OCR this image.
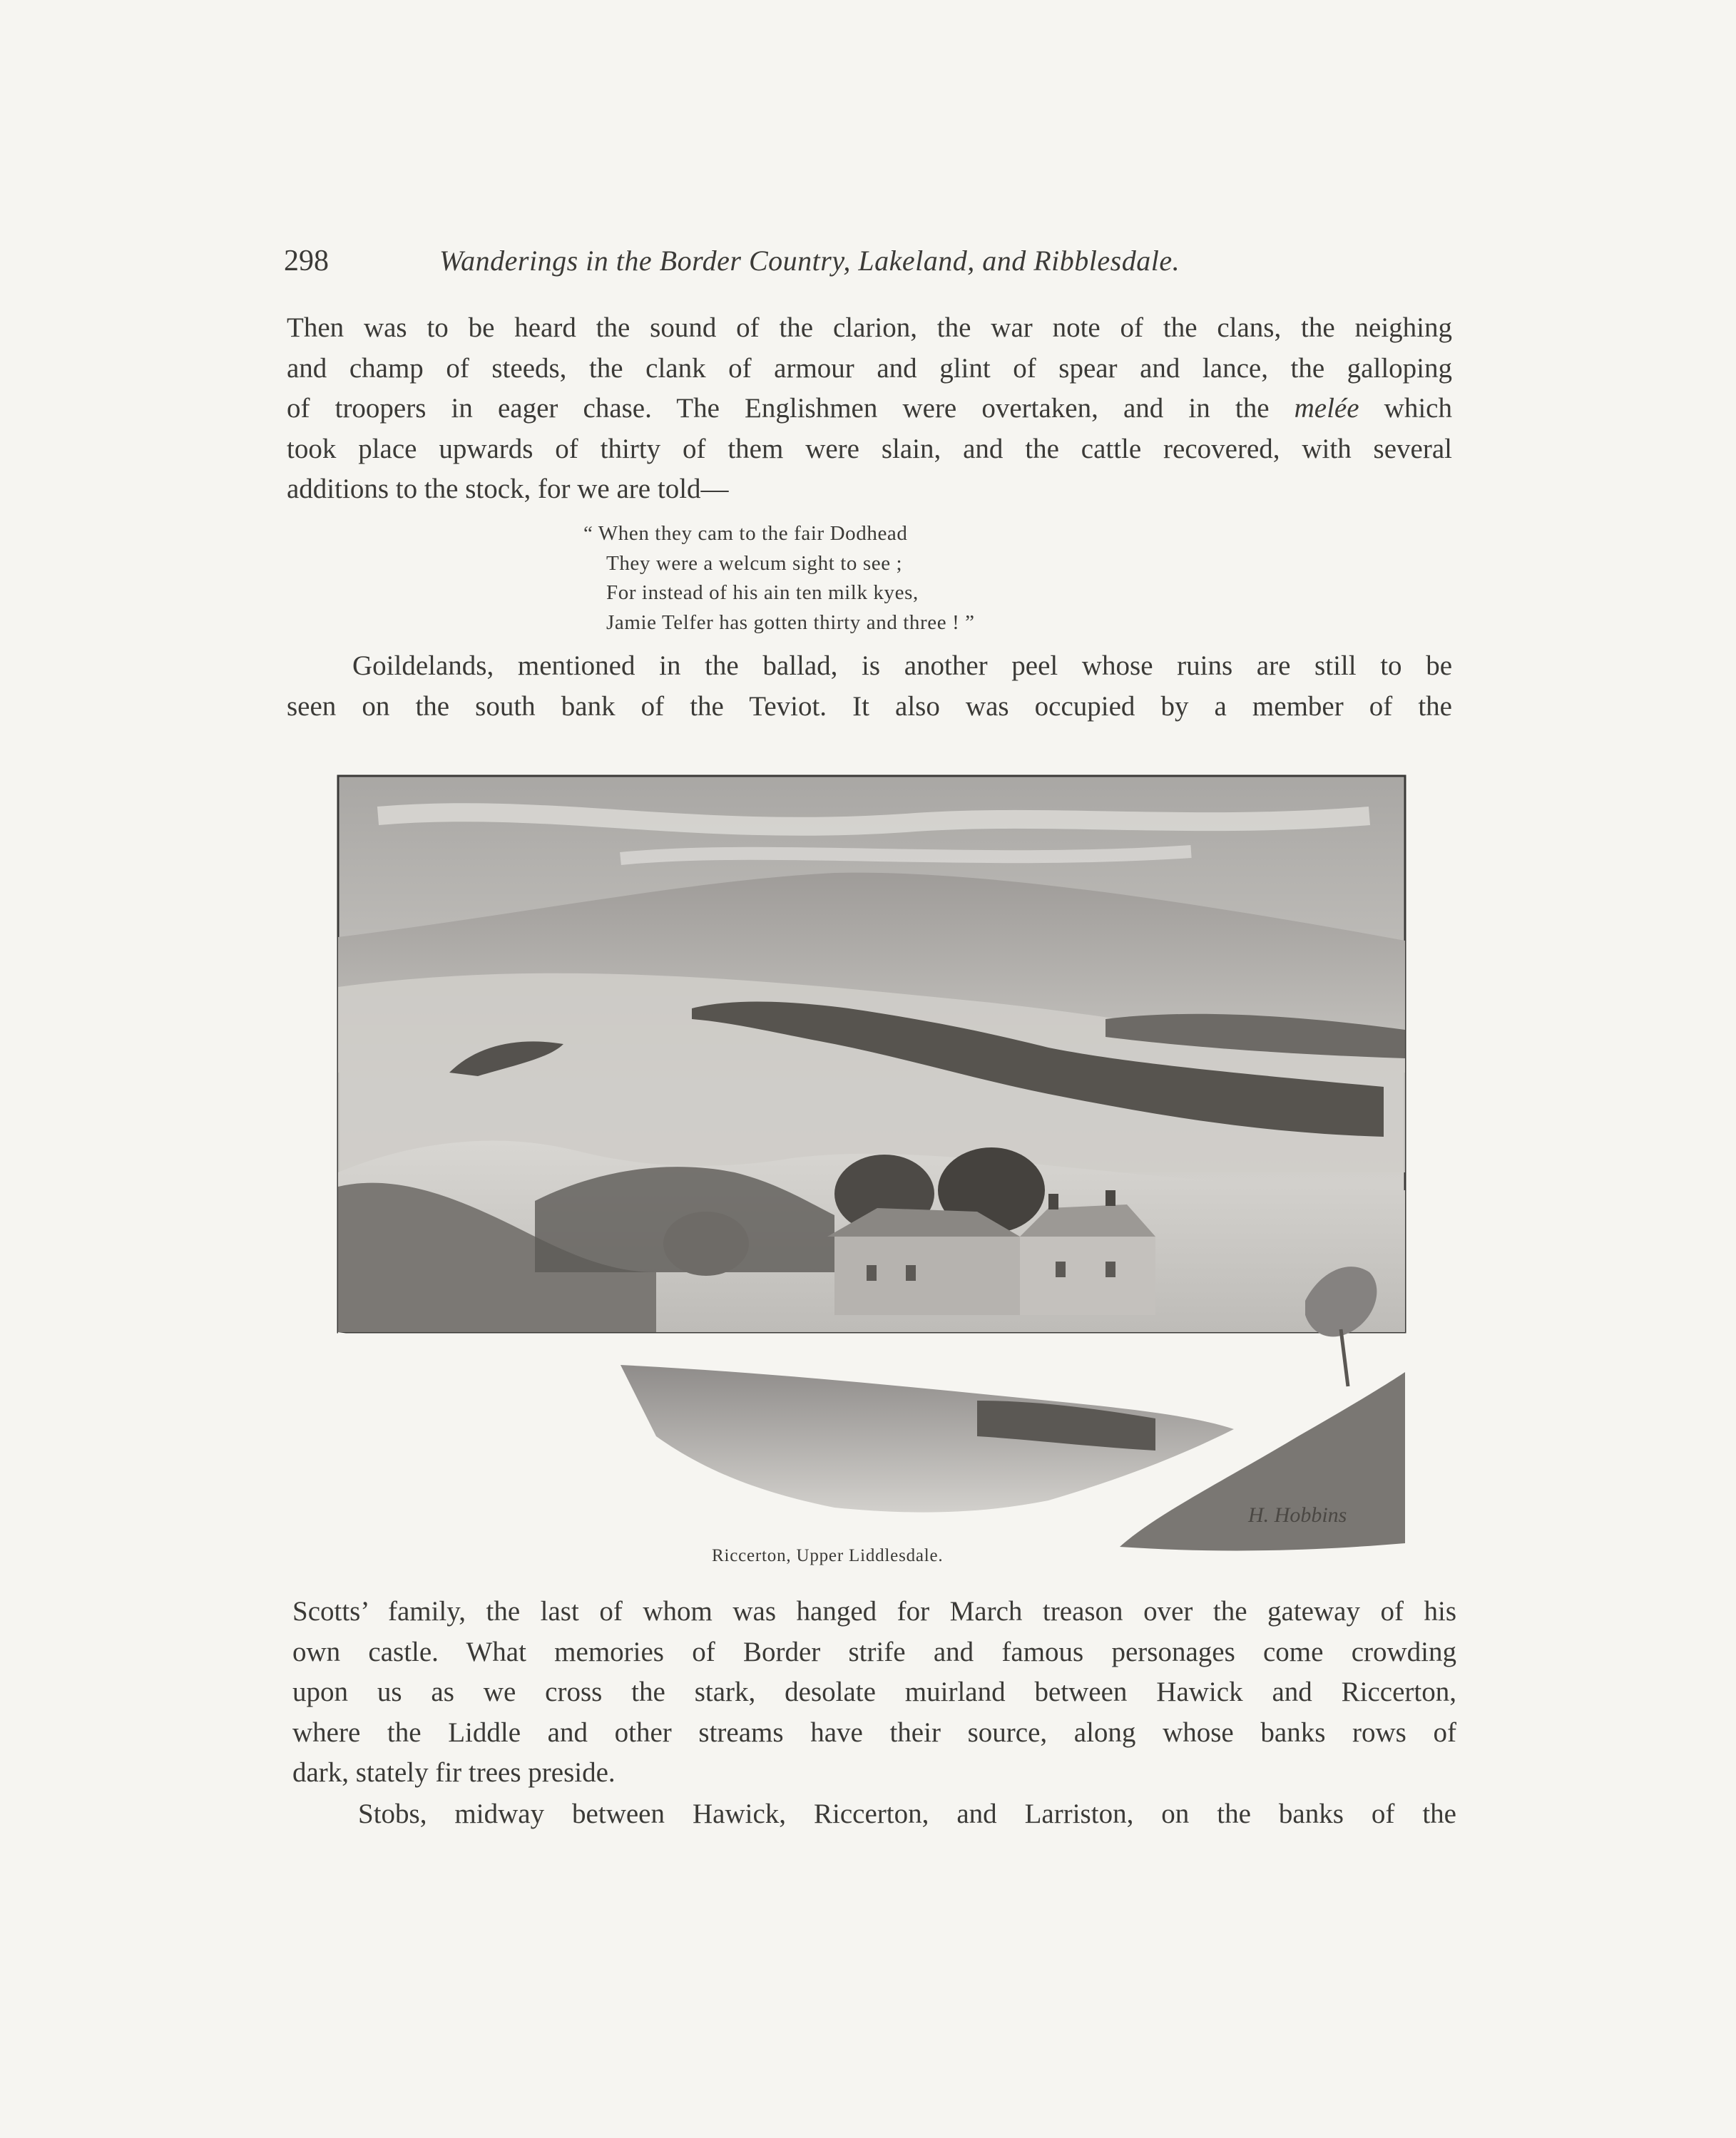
298	Wanderings in the Border Country, Lakeland, and Ribblesdale.

Then was to be heard the sound of the clarion, the war note of the clans, the neighing
and champ of steeds, the clank of armour and glint of spear and lance, the galloping
of troopers in eager chase. The Englishmen were overtaken, and in the melée which
took place upwards of thirty of them were slain, and the cattle recovered, with several
additions to the stock, for we are told—

“ When they cam to the fair Dodhead
They were a welcum sight to see ;
For instead of his ain ten milk kyes,
Jamie Telfer has gotten thirty and three ! ”

Goildelands, mentioned in the ballad, is another peel whose ruins are still to be
seen on the south bank of the Teviot. It also was occupied by a member of the

H. Hobbins
Riccerton, Upper Liddlesdale.

Scotts’ family, the last of whom was hanged for March treason over the gateway of his
own castle. What memories of Border strife and famous personages come crowding
upon us as we cross the stark, desolate muirland between Hawick and Riccerton,
where the Liddle and other streams have their source, along whose banks rows of
dark, stately fir trees preside.

Stobs, midway between Hawick, Riccerton, and Larriston, on the banks of the
